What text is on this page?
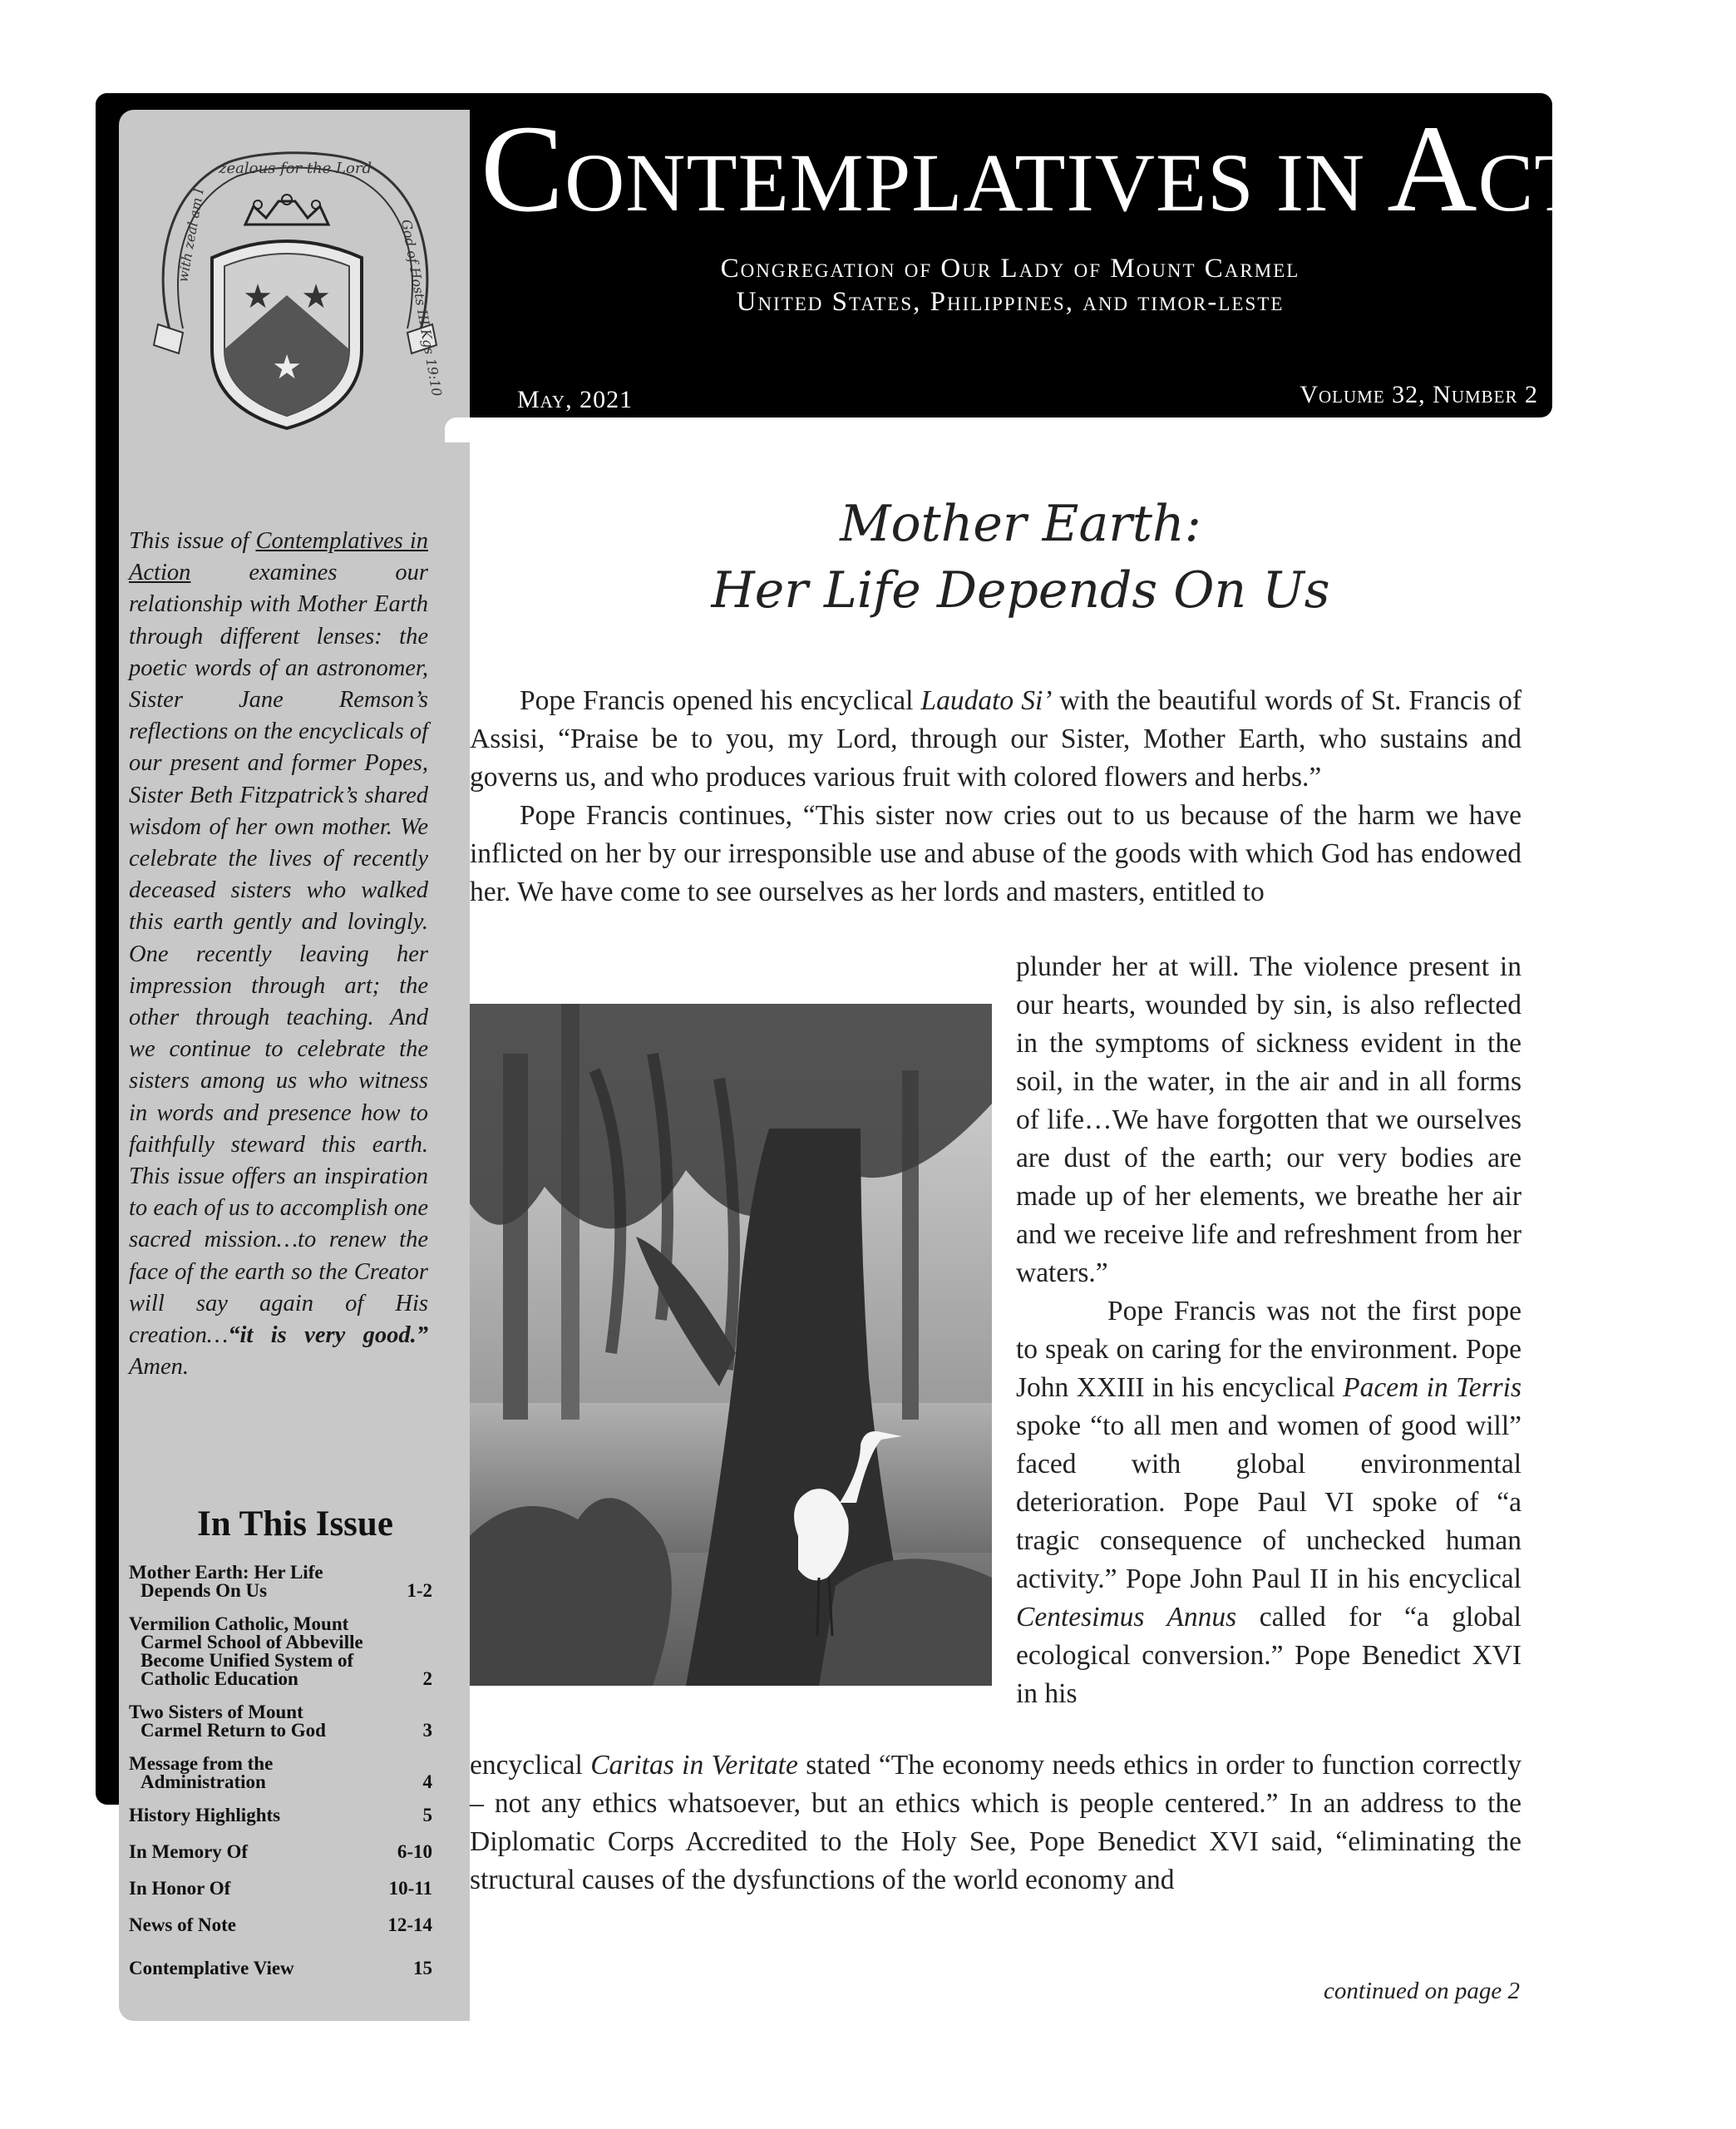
★ ★
★
zealous for the Lord
with zeal am I	God of Hosts III Kgs 19:10
CONTEMPLATIVES IN ACTION
Congregation of Our Lady of Mount Carmel
United States, Philippines, and timor-leste
May, 2021	Volume 32, Number 2
This issue of Contemplatives in Action examines our relationship with Mother Earth through different lenses: the poetic words of an astronomer, Sister Jane Remson’s reflections on the encyclicals of our present and former Popes, Sister Beth Fitzpatrick’s shared wisdom of her own mother. We celebrate the lives of recently deceased sisters who walked this earth gently and lovingly. One recently leaving her impression through art; the other through teaching. And we continue to celebrate the sisters among us who witness in words and presence how to faithfully steward this earth. This issue offers an inspiration to each of us to accomplish one sacred mission…to renew the face of the earth so the Creator will say again of His creation…“it is very good.” Amen.
In This Issue
Mother Earth: Her Life
Depends On Us	1-2
Vermilion Catholic, Mount
Carmel School of Abbeville
Become Unified System of
Catholic Education	2
Two Sisters of Mount
Carmel Return to God	3
Message from the
Administration	4
History Highlights	5
In Memory Of	6-10
In Honor Of	10-11
News of Note	12-14
Contemplative View	15
Mother Earth:
Her Life Depends On Us

Pope Francis opened his encyclical Laudato Si’ with the beautiful words of St. Francis of Assisi, “Praise be to you, my Lord, through our Sister, Mother Earth, who sustains and governs us, and who produces various fruit with colored flowers and herbs.”

Pope Francis continues, “This sister now cries out to us because of the harm we have inflicted on her by our irresponsible use and abuse of the goods with which God has endowed her. We have come to see ourselves as her lords and masters, entitled to

plunder her at will. The violence present in our hearts, wounded by sin, is also reflected in the symptoms of sickness evident in the soil, in the water, in the air and in all forms of life…We have forgotten that we ourselves are dust of the earth; our very bodies are made up of her elements, we breathe her air and we receive life and refreshment from her waters.”

Pope Francis was not the first pope to speak on caring for the environment. Pope John XXIII in his encyclical Pacem in Terris spoke “to all men and women of good will” faced with global environmental deterioration. Pope Paul VI spoke of “a tragic consequence of unchecked human activity.” Pope John Paul II in his encyclical Centesimus Annus called for “a global ecological conversion.” Pope Benedict XVI in his

encyclical Caritas in Veritate stated “The economy needs ethics in order to function correctly – not any ethics whatsoever, but an ethics which is people centered.” In an address to the Diplomatic Corps Accredited to the Holy See, Pope Benedict XVI said, “eliminating the structural causes of the dysfunctions of the world economy and

continued on page 2
